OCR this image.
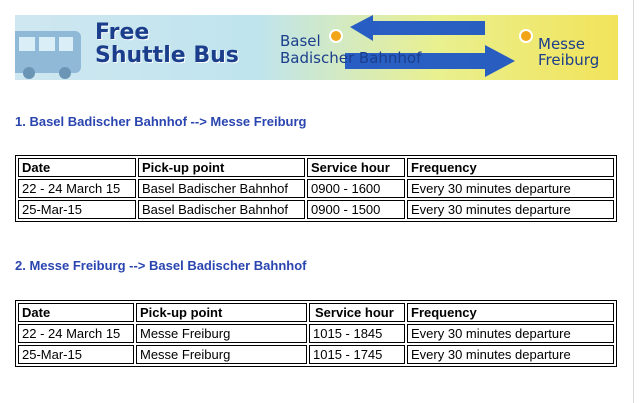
Free
Shuttle Bus
Basel
Badischer Bahnhof
Messe
Freiburg
1. Basel Badischer Bahnhof --> Messe Freiburg
Date	Pick-up point	Service hour	Frequency
22 - 24 March 15	Basel Badischer Bahnhof	0900 - 1600	Every 30 minutes departure
25-Mar-15	Basel Badischer Bahnhof	0900 - 1500	Every 30 minutes departure
2. Messe Freiburg --> Basel Badischer Bahnhof
Date	Pick-up point	Service hour	Frequency
22 - 24 March 15	Messe Freiburg	1015 - 1845	Every 30 minutes departure
25-Mar-15	Messe Freiburg	1015 - 1745	Every 30 minutes departure
